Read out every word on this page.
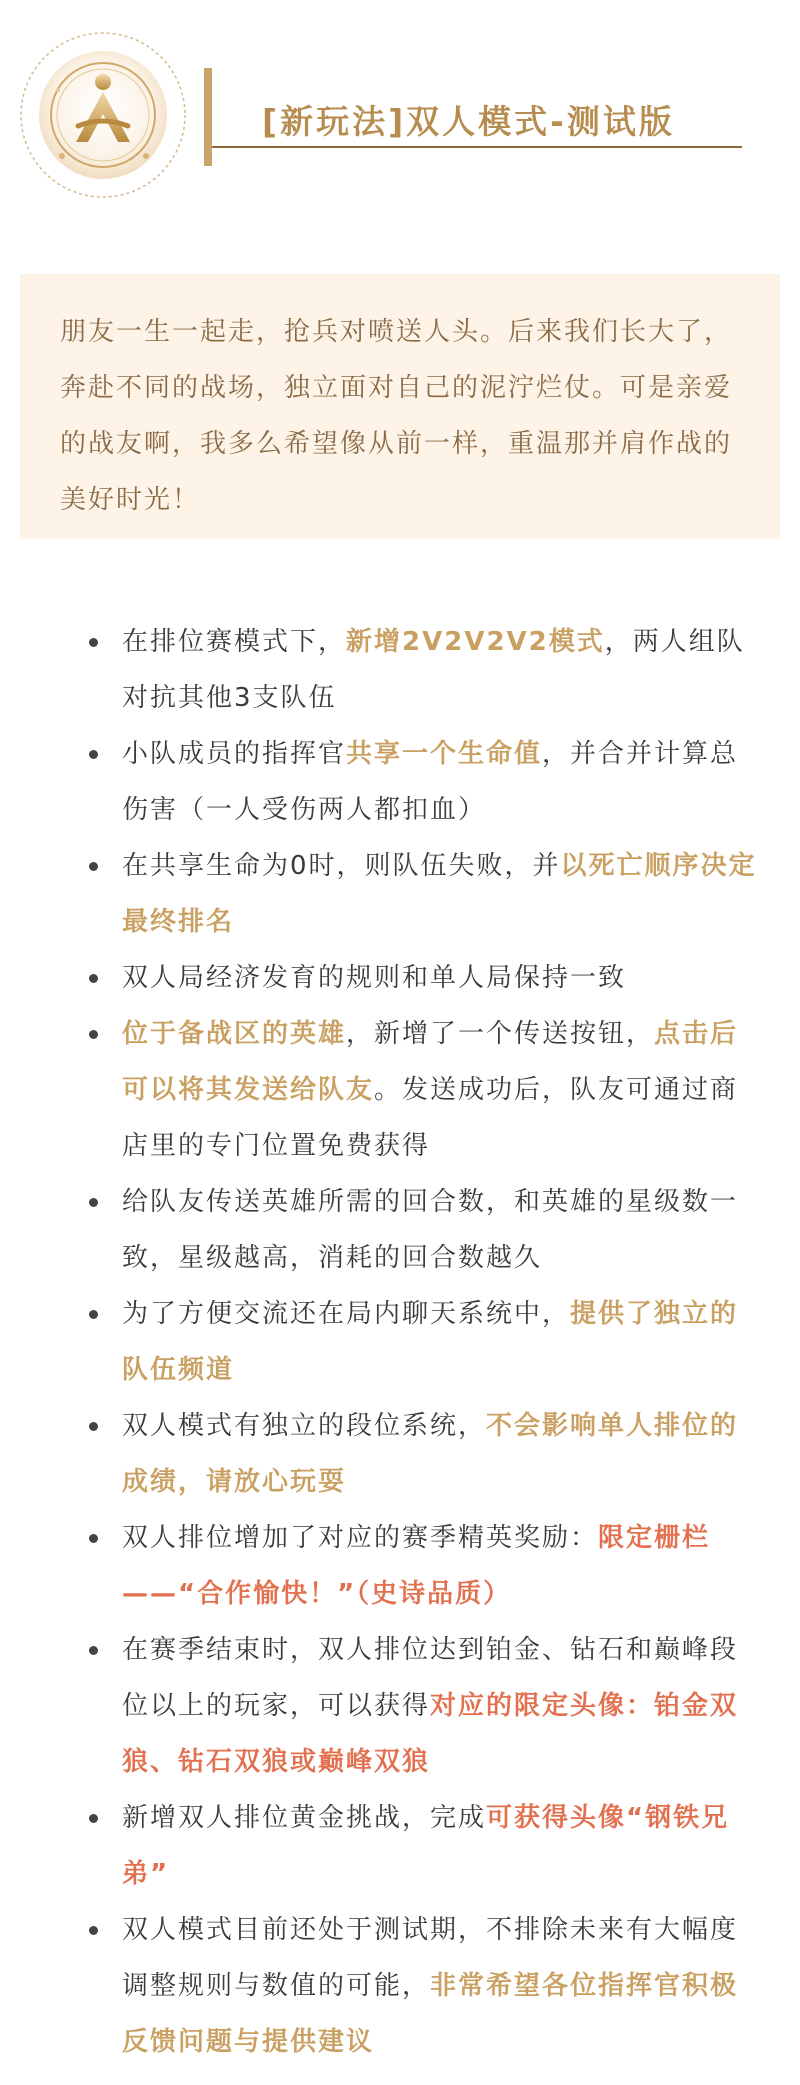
[新玩法]双人模式-测试版

朋友一生一起走，抢兵对喷送人头。后来我们长大了，奔赴不同的战场，独立面对自己的泥泞烂仗。可是亲爱的战友啊，我多么希望像从前一样，重温那并肩作战的美好时光！

在排位赛模式下，新增2V2V2V2模式，两人组队对抗其他3支队伍
小队成员的指挥官共享一个生命值，并合并计算总伤害（一人受伤两人都扣血）
在共享生命为0时，则队伍失败，并以死亡顺序决定最终排名
双人局经济发育的规则和单人局保持一致
位于备战区的英雄，新增了一个传送按钮，点击后可以将其发送给队友。发送成功后，队友可通过商店里的专门位置免费获得
给队友传送英雄所需的回合数，和英雄的星级数一致，星级越高，消耗的回合数越久
为了方便交流还在局内聊天系统中，提供了独立的队伍频道
双人模式有独立的段位系统，不会影响单人排位的成绩，请放心玩耍
双人排位增加了对应的赛季精英奖励：限定栅栏——“合作愉快！”（史诗品质）
在赛季结束时，双人排位达到铂金、钻石和巅峰段位以上的玩家，可以获得对应的限定头像：铂金双狼、钻石双狼或巅峰双狼
新增双人排位黄金挑战，完成可获得头像“钢铁兄弟”
双人模式目前还处于测试期，不排除未来有大幅度调整规则与数值的可能，非常希望各位指挥官积极反馈问题与提供建议
